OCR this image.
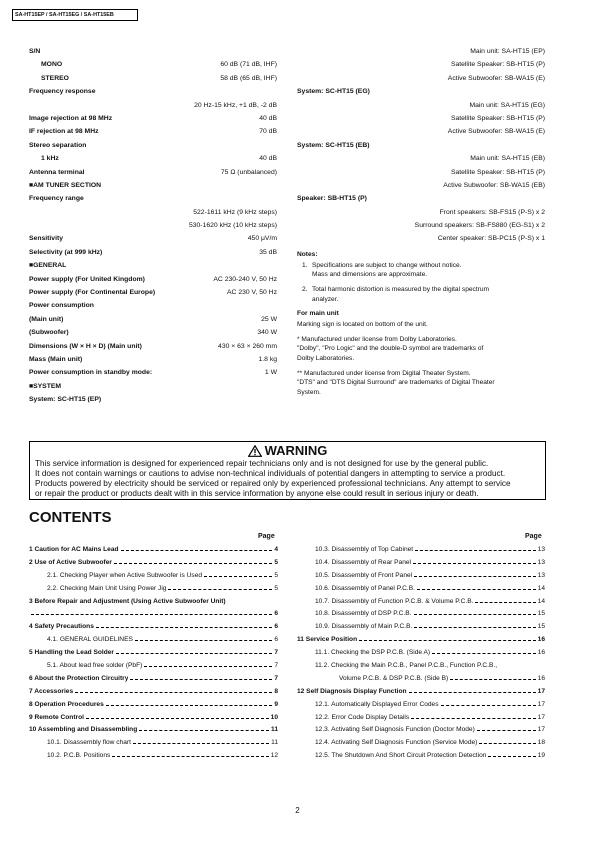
SA-HT15EP / SA-HT15EG / SA-HT15EB
S/N
MONO	60 dB (71 dB, IHF)
STEREO	58 dB (65 dB, IHF)
Frequency response
20 Hz-15 kHz, +1 dB, -2 dB
Image rejection at 98 MHz	40 dB
IF rejection at 98 MHz	70 dB
Stereo separation
1 kHz	40 dB
Antenna terminal	75 Ω (unbalanced)
■AM TUNER SECTION
Frequency range
522-1611 kHz (9 kHz steps)
530-1620 kHz (10 kHz steps)
Sensitivity	450 μV/m
Selectivity (at 999 kHz)	35 dB
■GENERAL
Power supply (For United Kingdom)	AC 230-240 V, 50 Hz
Power supply (For Continental Europe)	AC 230 V, 50 Hz
Power consumption
(Main unit)	25 W
(Subwoofer)	340 W
Dimensions (W × H × D) (Main unit)	430 × 63 × 260 mm
Mass (Main unit)	1.8 kg
Power consumption in standby mode:	1 W
■SYSTEM
System: SC-HT15 (EP)
Main unit: SA-HT15 (EP)
Satellite Speaker: SB-HT15 (P)
Active Subwoofer: SB-WA15 (E)
System: SC-HT15 (EG)
Main unit: SA-HT15 (EG)
Satellite Speaker: SB-HT15 (P)
Active Subwoofer: SB-WA15 (E)
System: SC-HT15 (EB)
Main unit: SA-HT15 (EB)
Satellite Speaker: SB-HT15 (P)
Active Subwoofer: SB-WA15 (EB)
Speaker: SB-HT15 (P)
Front speakers: SB-FS15 (P-S) x 2
Surround speakers: SB-FS880 (EG-S1) x 2
Center speaker: SB-PC15 (P-S) x 1
Notes:
1. Specifications are subject to change without notice.
Mass and dimensions are approximate.
2. Total harmonic distortion is measured by the digital spectrum
analyzer.
For main unit
Marking sign is located on bottom of the unit.
* Manufactured under license from Dolby Laboratories.
"Dolby", "Pro Logic" and the double-D symbol are trademarks of
Dolby Laboratories.
** Manufactured under license from Digital Theater System.
"DTS" and "DTS Digital Surround" are trademarks of Digital Theater
System.
WARNING
This service information is designed for experienced repair technicians only and is not designed for use by the general public.
It does not contain warnings or cautions to advise non-technical individuals of potential dangers in attempting to service a product.
Products powered by electricity should be serviced or repaired only by experienced professional technicians. Any attempt to service
or repair the product or products dealt with in this service information by anyone else could result in serious injury or death.
CONTENTS
Page	Page
1 Caution for AC Mains Lead	4
2 Use of Active Subwoofer	5
2.1. Checking Player when Active Subwoofer is Used	5
2.2. Checking Main Unit Using Power Jig	5
3 Before Repair and Adjustment (Using Active Subwoofer Unit)
6
4 Safety Precautions	6
4.1. GENERAL GUIDELINES	6
5 Handling the Lead Solder	7
5.1. About lead free solder (PbF)	7
6 About the Protection Circuitry	7
7 Accessories	8
8 Operation Procedures	9
9 Remote Control	10
10 Assembling and Disassembling	11
10.1. Disassembly flow chart	11
10.2. P.C.B. Positions	12
10.3. Disassembly of Top Cabinet	13
10.4. Disassembly of Rear Panel	13
10.5. Disassembly of Front Panel	13
10.6. Disassembly of Panel P.C.B.	14
10.7. Disassembly of Function P.C.B. & Volume P.C.B.	14
10.8. Disassembly of DSP P.C.B.	15
10.9. Disassembly of Main P.C.B.	15
11 Service Position	16
11.1. Checking the DSP P.C.B. (Side A)	16
11.2. Checking the Main P.C.B., Panel P.C.B., Function P.C.B.,
Volume P.C.B. & DSP P.C.B. (Side B)	16
12 Self Diagnosis Display Function	17
12.1. Automatically Displayed Error Codes	17
12.2. Error Code Display Details	17
12.3. Activating Self Diagnosis Function (Doctor Mode)	17
12.4. Activating Self Diagnosis Function (Service Mode)	18
12.5. The Shutdown And Short Circuit Protection Detection	19
2
